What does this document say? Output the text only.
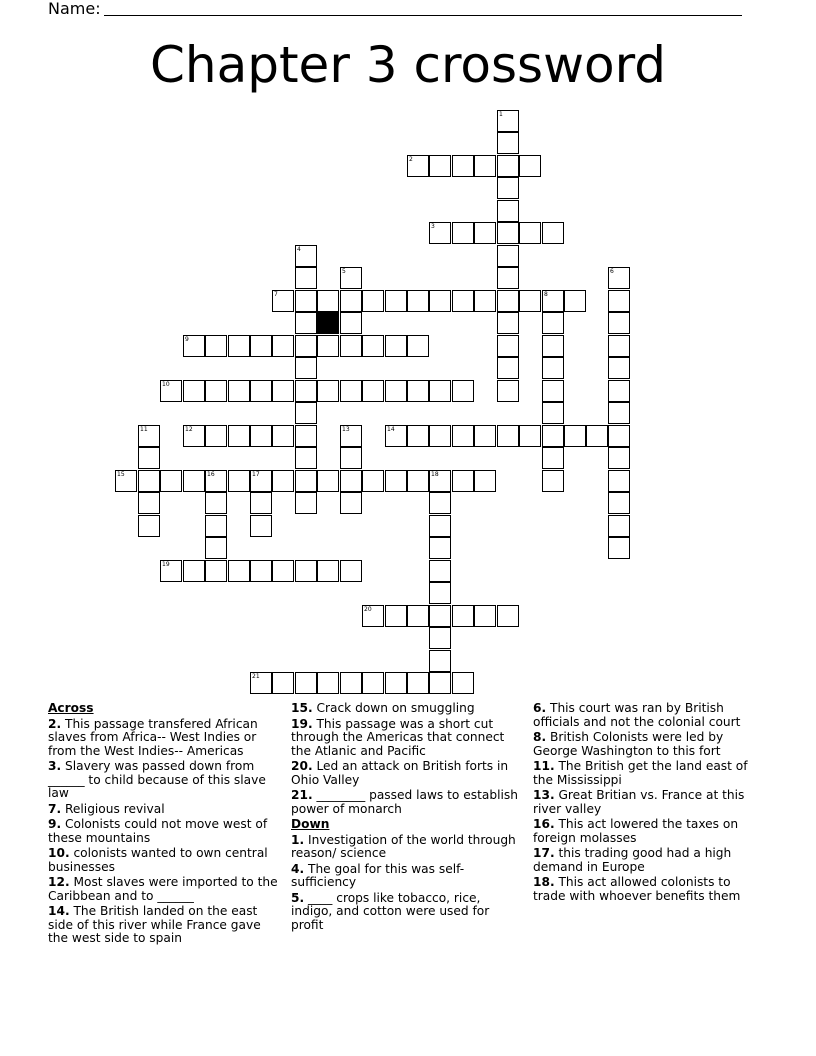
Name:
Chapter 3 crossword
1
2
3
4
5	6
7	8
9
10
11	12	13	14
15	16	17	18
19
20
21
Across
2. This passage transfered African slaves from Africa-- West Indies or from the West Indies-- Americas
3. Slavery was passed down from ______ to child because of this slave law
7. Religious revival
9. Colonists could not move west of these mountains
10. colonists wanted to own central businesses
12. Most slaves were imported to the Caribbean and to ______
14. The British landed on the east side of this river while France gave the west side to spain
15. Crack down on smuggling
19. This passage was a short cut through the Americas that connect the Atlanic and Pacific
20. Led an attack on British forts in Ohio Valley
21. ________ passed laws to establish power of monarch
Down
1. Investigation of the world through reason/ science
4. The goal for this was self-sufficiency
5. ____ crops like tobacco, rice, indigo, and cotton were used for profit
6. This court was ran by British officials and not the colonial court
8. British Colonists were led by George Washington to this fort
11. The British get the land east of the Mississippi
13. Great Britian vs. France at this river valley
16. This act lowered the taxes on foreign molasses
17. this trading good had a high demand in Europe
18. This act allowed colonists to trade with whoever benefits them
